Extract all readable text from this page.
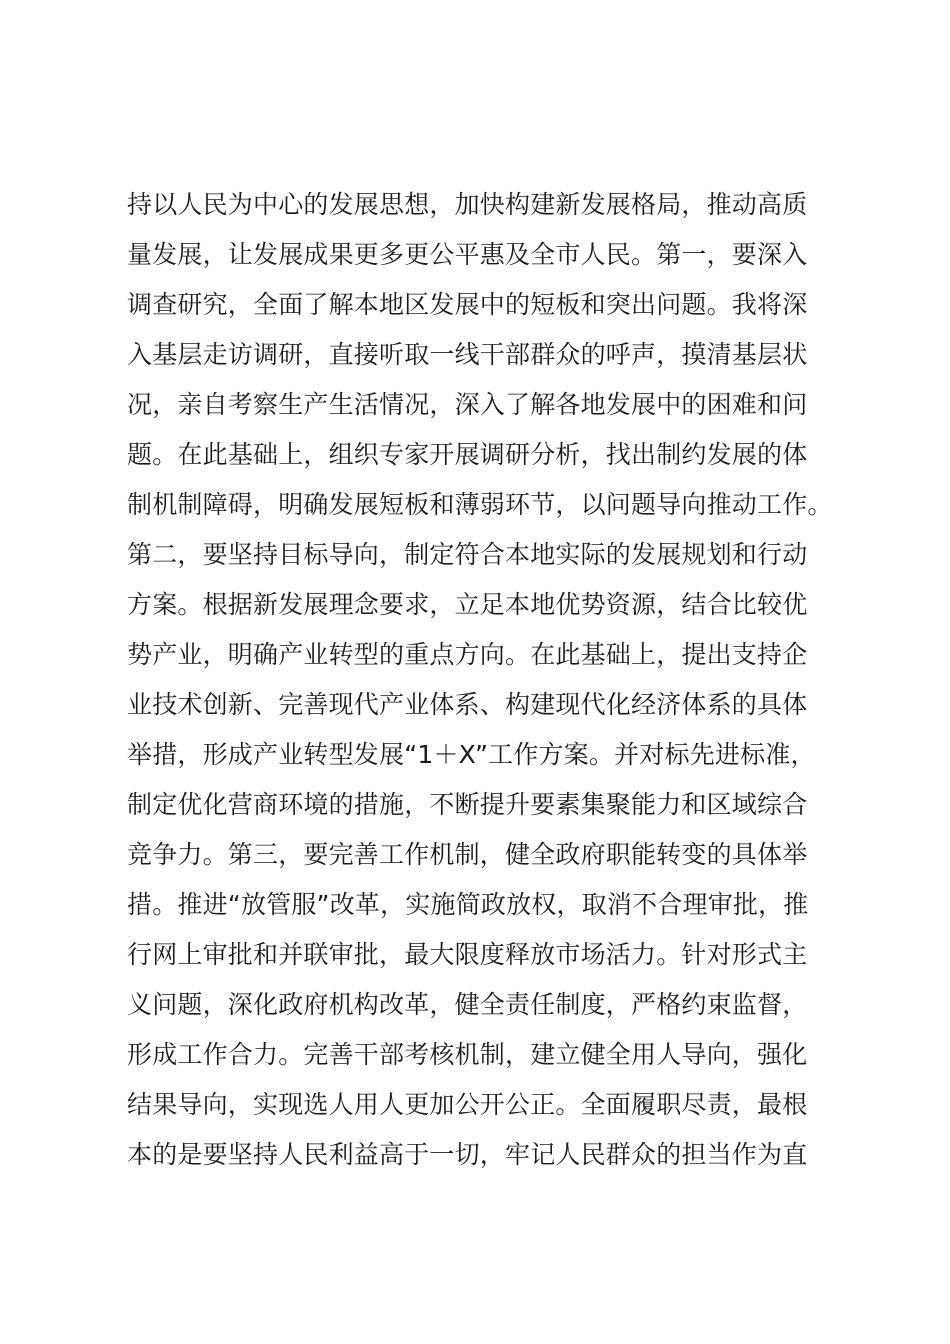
持以人民为中心的发展思想，加快构建新发展格局，推动高质
量发展，让发展成果更多更公平惠及全市人民。第一，要深入
调查研究，全面了解本地区发展中的短板和突出问题。我将深
入基层走访调研，直接听取一线干部群众的呼声，摸清基层状
况，亲自考察生产生活情况，深入了解各地发展中的困难和问
题。在此基础上，组织专家开展调研分析，找出制约发展的体
制机制障碍，明确发展短板和薄弱环节，以问题导向推动工作。
第二，要坚持目标导向，制定符合本地实际的发展规划和行动
方案。根据新发展理念要求，立足本地优势资源，结合比较优
势产业，明确产业转型的重点方向。在此基础上，提出支持企
业技术创新、完善现代产业体系、构建现代化经济体系的具体
举措，形成产业转型发展“1＋X”工作方案。并对标先进标准，
制定优化营商环境的措施，不断提升要素集聚能力和区域综合
竞争力。第三，要完善工作机制，健全政府职能转变的具体举
措。推进“放管服”改革，实施简政放权，取消不合理审批，推
行网上审批和并联审批，最大限度释放市场活力。针对形式主
义问题，深化政府机构改革，健全责任制度，严格约束监督，
形成工作合力。完善干部考核机制，建立健全用人导向，强化
结果导向，实现选人用人更加公开公正。全面履职尽责，最根
本的是要坚持人民利益高于一切，牢记人民群众的担当作为直
